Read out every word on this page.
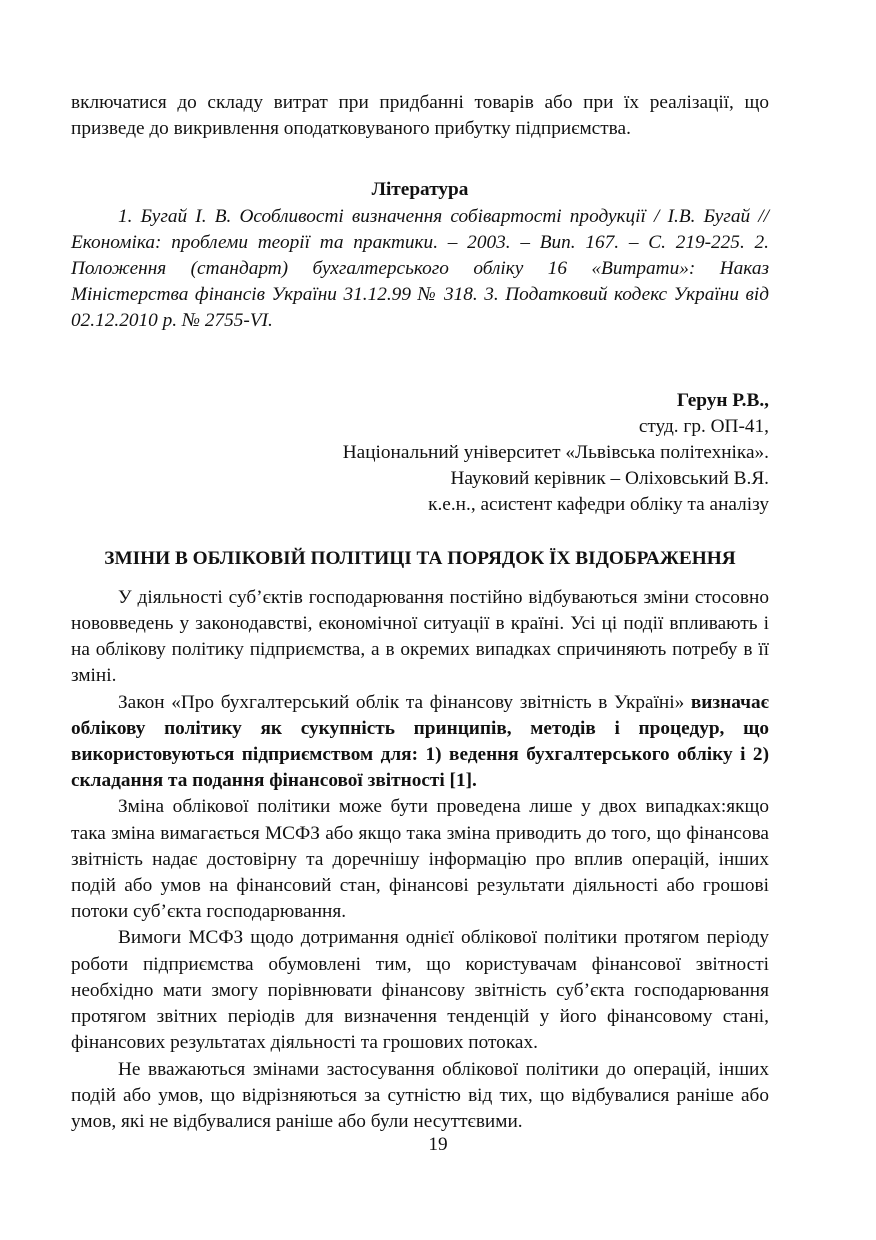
включатися до складу витрат при придбанні товарів або при їх реалізації, що призведе до викривлення оподатковуваного прибутку підприємства.

Література

1. Бугай І. В. Особливості визначення собівартості продукції / І.В. Бугай // Економіка: проблеми теорії та практики. – 2003. – Вип. 167. – С. 219-225. 2. Положення (стандарт) бухгалтерського обліку 16 «Витрати»: Наказ Міністерства фінансів України 31.12.99 № 318. 3. Податковий кодекс України від 02.12.2010 р. № 2755-VI.

Герун Р.В.,

студ. гр. ОП-41,

Національний університет «Львівська політехніка».

Науковий керівник – Оліховський В.Я.

к.е.н., асистент кафедри обліку та аналізу

ЗМІНИ В ОБЛІКОВІЙ ПОЛІТИЦІ ТА ПОРЯДОК ЇХ ВІДОБРАЖЕННЯ

У діяльності суб’єктів господарювання постійно відбуваються зміни стосовно нововведень у законодавстві, економічної ситуації в країні. Усі ці події впливають і на облікову політику підприємства, а в окремих випадках спричиняють потребу в її зміні.

Закон «Про бухгалтерський облік та фінансову звітність в Україні» визначає облікову політику як сукупність принципів, методів і процедур, що використовуються підприємством для: 1) ведення бухгалтерського обліку і 2) складання та подання фінансової звітності [1].

Зміна облікової політики може бути проведена лише у двох випадках:якщо така зміна вимагається МСФЗ або якщо така зміна приводить до того, що фінансова звітність надає достовірну та доречнішу інформацію про вплив операцій, інших подій або умов на фінансовий стан, фінансові результати діяльності або грошові потоки суб’єкта господарювання.

Вимоги МСФЗ щодо дотримання однієї облікової політики протягом періоду роботи підприємства обумовлені тим, що користувачам фінансової звітності необхідно мати змогу порівнювати фінансову звітність суб’єкта господарювання протягом звітних періодів для визначення тенденцій у його фінансовому стані, фінансових результатах діяльності та грошових потоках.

Не вважаються змінами застосування облікової політики до операцій, інших подій або умов, що відрізняються за сутністю від тих, що відбувалися раніше або умов, які не відбувалися раніше або були несуттєвими.

19
